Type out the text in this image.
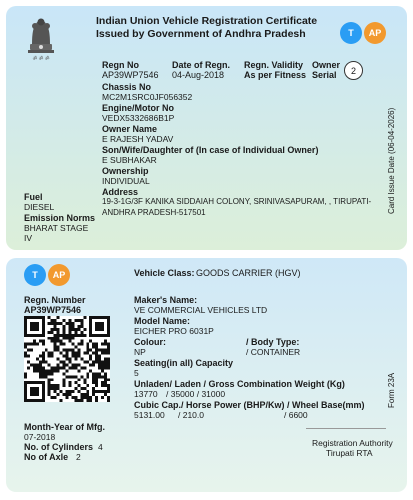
ॐ ॐ ॐ
Indian Union Vehicle Registration Certificate
Issued by Government of Andhra Pradesh	T	AP
Regn No
AP39WP7546
Date of Regn.
04-Aug-2018
Regn. Validity
As per Fitness
Owner
Serial	2
Chassis No
MC2M1SRC0JF056352
Engine/Motor No
VEDX5332686B1P
Owner Name
E RAJESH YADAV
Son/Wife/Daughter of (In case of Individual Owner)
E SUBHAKAR
Ownership
INDIVIDUAL
Address
19-3-1G/3F KANIKA SIDDAIAH COLONY, SRINIVASAPURAM, , TIRUPATI-
ANDHRA PRADESH-517501
Fuel
DIESEL
Emission Norms
BHARAT STAGE
IV
Card Issue Date (06-04-2026)
T	AP	Vehicle Class: GOODS CARRIER (HGV)
Regn. Number
AP39WP7546
Maker's Name:
VE COMMERCIAL VEHICLES LTD
Model Name:
EICHER PRO 6031P
Colour:	/ Body Type:
NP	/ CONTAINER
Seating(in all) Capacity
5
Unladen/ Laden / Gross Combination Weight (Kg)
13770 / 35000 / 31000
Cubic Cap./ Horse Power (BHP/Kw) / Wheel Base(mm)
5131.00 / 210.0	/ 6600
Month-Year of Mfg.
07-2018
No. of Cylinders 4
No of Axle 2
Registration Authority
Tirupati RTA
Form 23A
